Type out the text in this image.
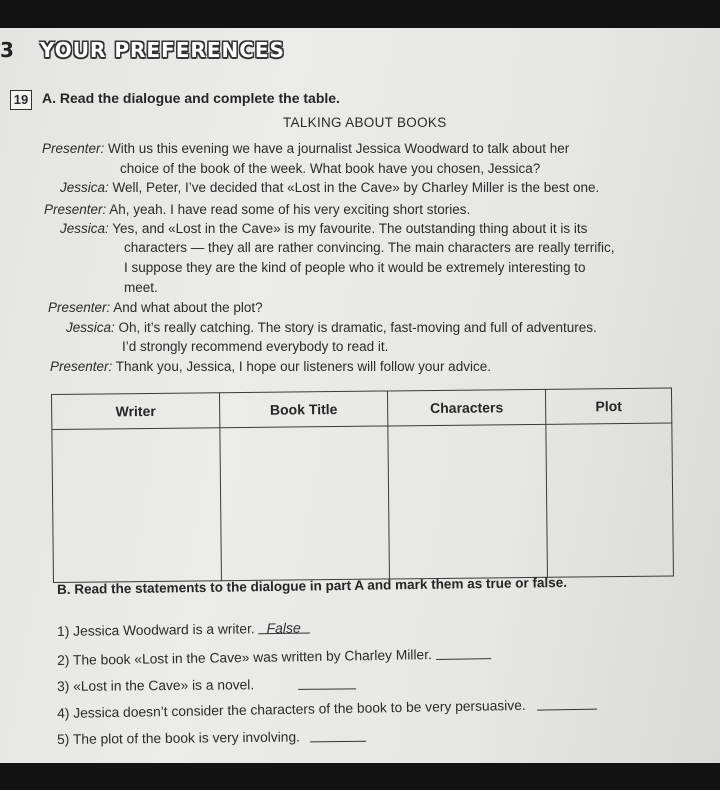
3 YOUR PREFERENCES
19 A. Read the dialogue and complete the table.
TALKING ABOUT BOOKS
Presenter: With us this evening we have a journalist Jessica Woodward to talk about her
choice of the book of the week. What book have you chosen, Jessica?
Jessica: Well, Peter, I’ve decided that «Lost in the Cave» by Charley Miller is the best one.
Presenter: Ah, yeah. I have read some of his very exciting short stories.
Jessica: Yes, and «Lost in the Cave» is my favourite. The outstanding thing about it is its
characters — they all are rather convincing. The main characters are really terrific,
I suppose they are the kind of people who it would be extremely interesting to
meet.
Presenter: And what about the plot?
Jessica: Oh, it’s really catching. The story is dramatic, fast-moving and full of adventures.
I’d strongly recommend everybody to read it.
Presenter: Thank you, Jessica, I hope our listeners will follow your advice.
Writer	Book Title	Characters	Plot

B. Read the statements to the dialogue in part A and mark them as true or false.
1) Jessica Woodward is a writer. False
2) The book «Lost in the Cave» was written by Charley Miller.
3) «Lost in the Cave» is a novel.
4) Jessica doesn’t consider the characters of the book to be very persuasive.
5) The plot of the book is very involving.
